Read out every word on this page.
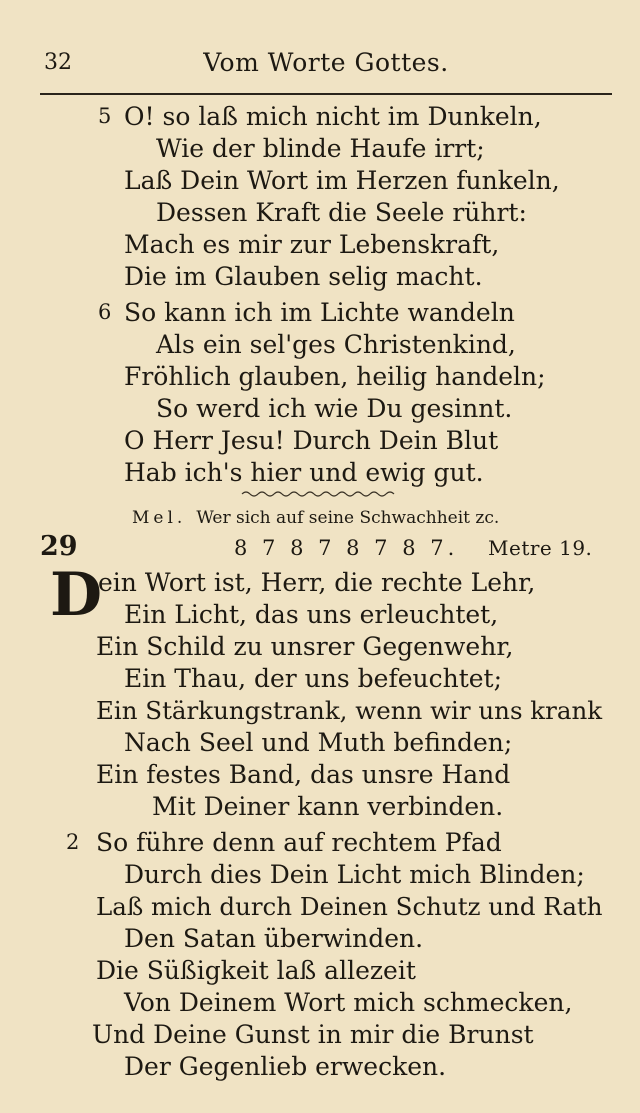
32	Vom Worte Gottes.
5 O! so laß mich nicht im Dunkeln,
Wie der blinde Haufe irrt;
Laß Dein Wort im Herzen funkeln,
Dessen Kraft die Seele rührt:
Mach es mir zur Lebenskraft,
Die im Glauben selig macht.
6 So kann ich im Lichte wandeln
Als ein sel'ges Christenkind,
Fröhlich glauben, heilig handeln;
So werd ich wie Du gesinnt.
O Herr Jesu! Durch Dein Blut
Hab ich's hier und ewig gut.
Mel. Wer sich auf seine Schwachheit zc.
29	8 7 8 7 8 7 8 7. Metre 19.
D
ein Wort ist, Herr, die rechte Lehr,
Ein Licht, das uns erleuchtet,
Ein Schild zu unsrer Gegenwehr,
Ein Thau, der uns befeuchtet;
Ein Stärkungstrank, wenn wir uns krank
Nach Seel und Muth befinden;
Ein festes Band, das unsre Hand
Mit Deiner kann verbinden.
2 So führe denn auf rechtem Pfad
Durch dies Dein Licht mich Blinden;
Laß mich durch Deinen Schutz und Rath
Den Satan überwinden.
Die Süßigkeit laß allezeit
Von Deinem Wort mich schmecken,
Und Deine Gunst in mir die Brunst
Der Gegenlieb erwecken.
